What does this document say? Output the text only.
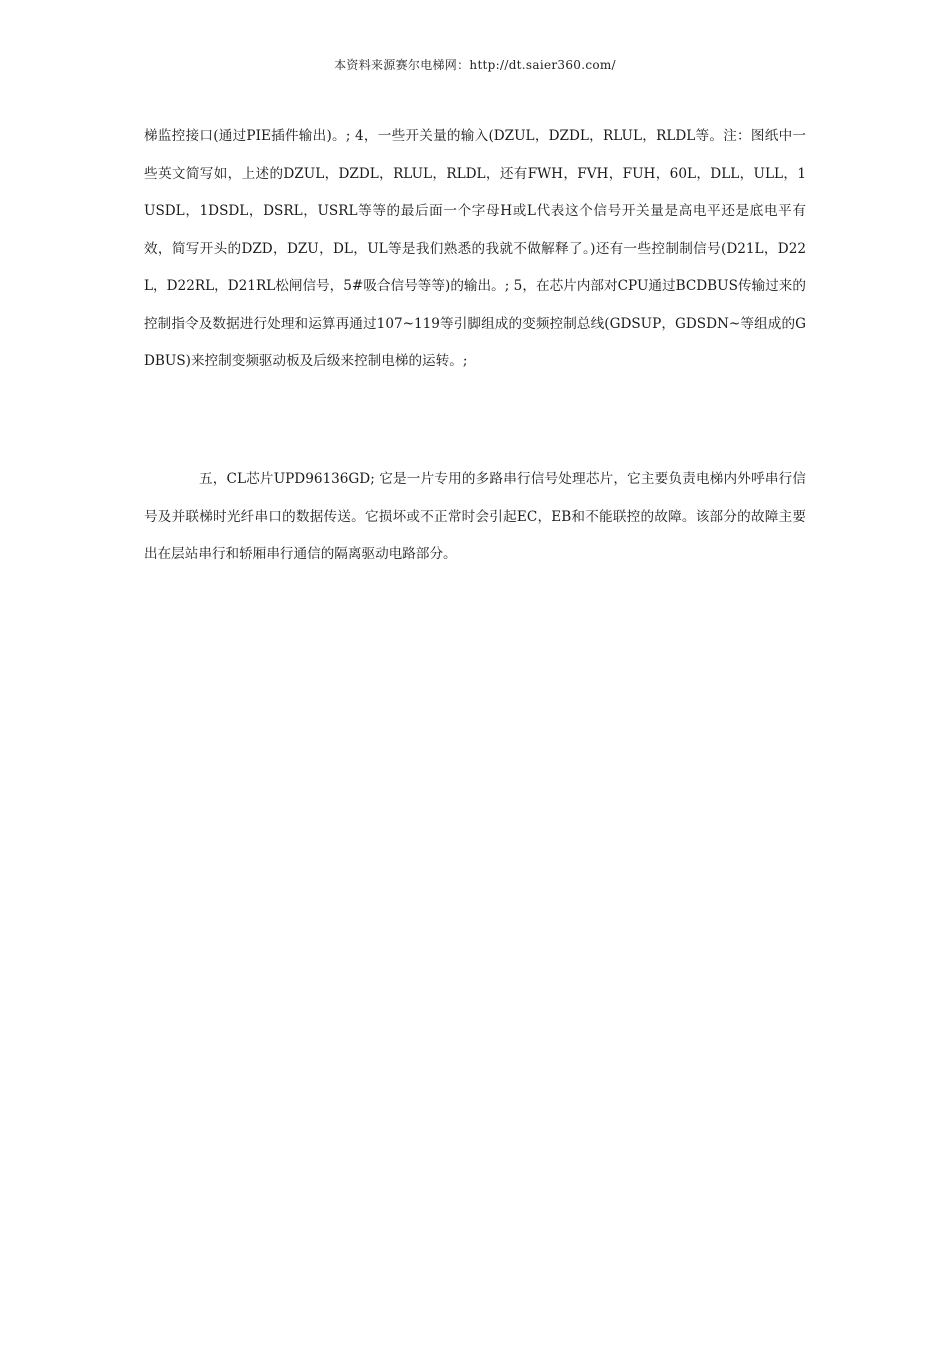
本资料来源赛尔电梯网：http://dt.saier360.com/

梯监控接口(通过PIE插件输出)。; 4，一些开关量的输入(DZUL，DZDL，RLUL，RLDL等。注：图纸中一些英文简写如，上述的DZUL，DZDL，RLUL，RLDL，还有FWH，FVH，FUH，60L，DLL，ULL，1USDL，1DSDL，DSRL，USRL等等的最后面一个字母H或L代表这个信号开关量是高电平还是底电平有效，简写开头的DZD，DZU，DL，UL等是我们熟悉的我就不做解释了。)还有一些控制制信号(D21L，D22L，D22RL，D21RL松闸信号，5#吸合信号等等)的输出。; 5，在芯片内部对CPU通过BCDBUS传输过来的控制指令及数据进行处理和运算再通过107~119等引脚组成的变频控制总线(GDSUP，GDSDN~等组成的GDBUS)来控制变频驱动板及后级来控制电梯的运转。;

五，CL芯片UPD96136GD; 它是一片专用的多路串行信号处理芯片，它主要负责电梯内外呼串行信号及并联梯时光纤串口的数据传送。它损坏或不正常时会引起EC，EB和不能联控的故障。该部分的故障主要出在层站串行和轿厢串行通信的隔离驱动电路部分。
